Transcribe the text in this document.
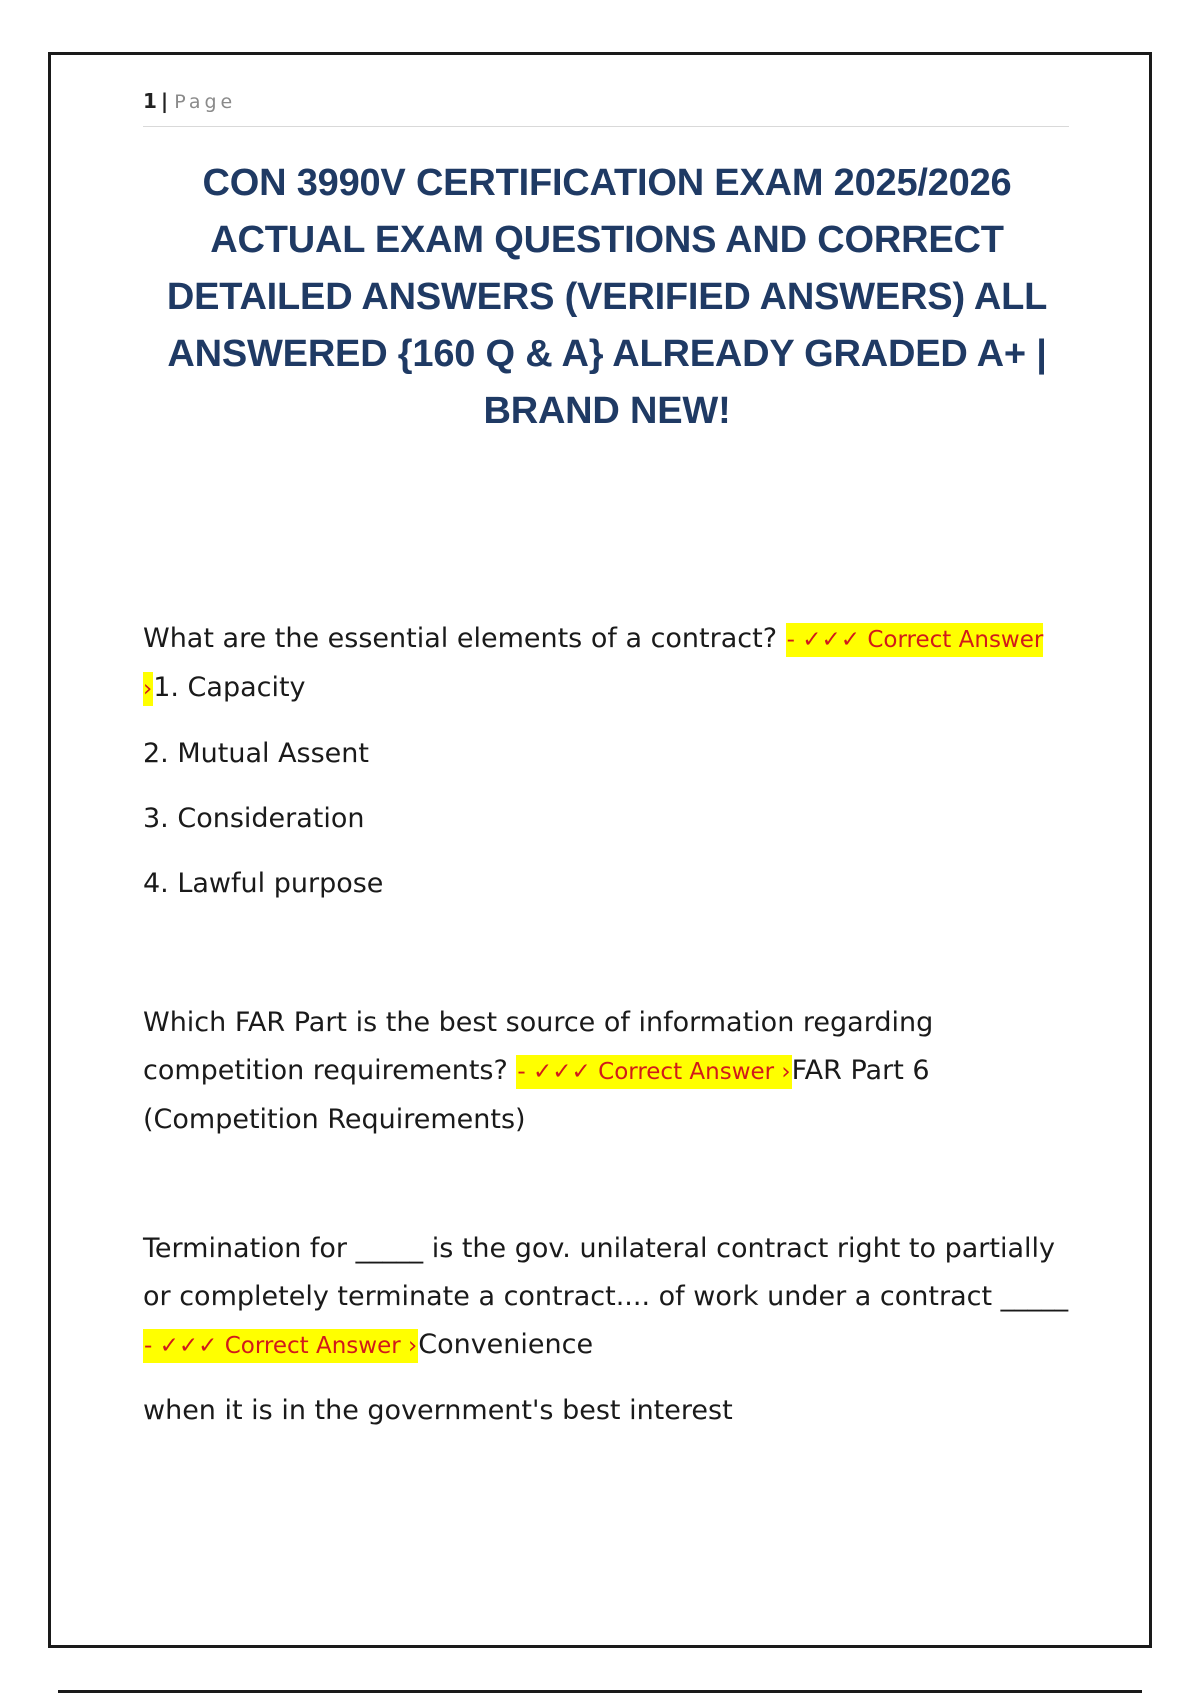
1 | Page
CON 3990V CERTIFICATION EXAM 2025/2026 ACTUAL EXAM QUESTIONS AND CORRECT DETAILED ANSWERS (VERIFIED ANSWERS) ALL ANSWERED {160 Q & A} ALREADY GRADED A+ | BRAND NEW!
What are the essential elements of a contract? - ✓✓✓ Correct Answer ›1. Capacity
2. Mutual Assent
3. Consideration
4. Lawful purpose
Which FAR Part is the best source of information regarding competition requirements? - ✓✓✓ Correct Answer ›FAR Part 6 (Competition Requirements)
Termination for _____ is the gov. unilateral contract right to partially or completely terminate a contract.... of work under a contract _____ - ✓✓✓ Correct Answer ›Convenience
when it is in the government's best interest
